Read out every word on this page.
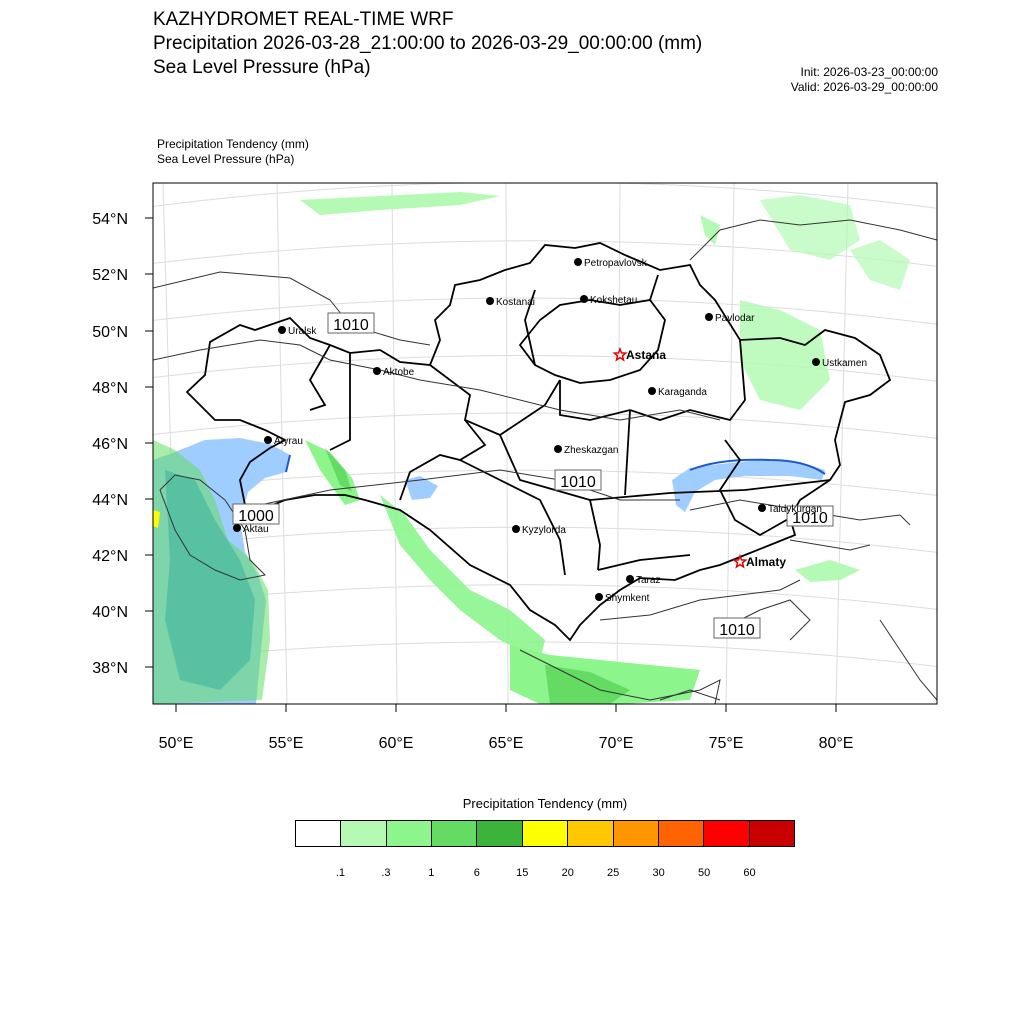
KAZHYDROMET REAL-TIME WRF
Precipitation 2026-03-28_21:00:00 to 2026-03-29_00:00:00 (mm)
Sea Level Pressure (hPa)	Init: 2026-03-23_00:00:00
Valid: 2026-03-29_00:00:00
Precipitation Tendency (mm)
Sea Level Pressure (hPa)
54°N
52°N
50°N
48°N
46°N
44°N
42°N
40°N
38°N
50°E	55°E	60°E	65°E	70°E	75°E	80°E
1010
1010
1000	1010
1010
Petropavlovsk
Kostanai	Kokshetau
Pavlodar
Uralsk
Astana
Aktobe
Ustkamen
Karaganda
Atyrau
Zheskazgan
Taldykurgan
Aktau	Kyzylorda
Almaty
Taraz
Shymkent
Precipitation Tendency (mm)
.1	.3	1	6	15	20	25	30	50	60
